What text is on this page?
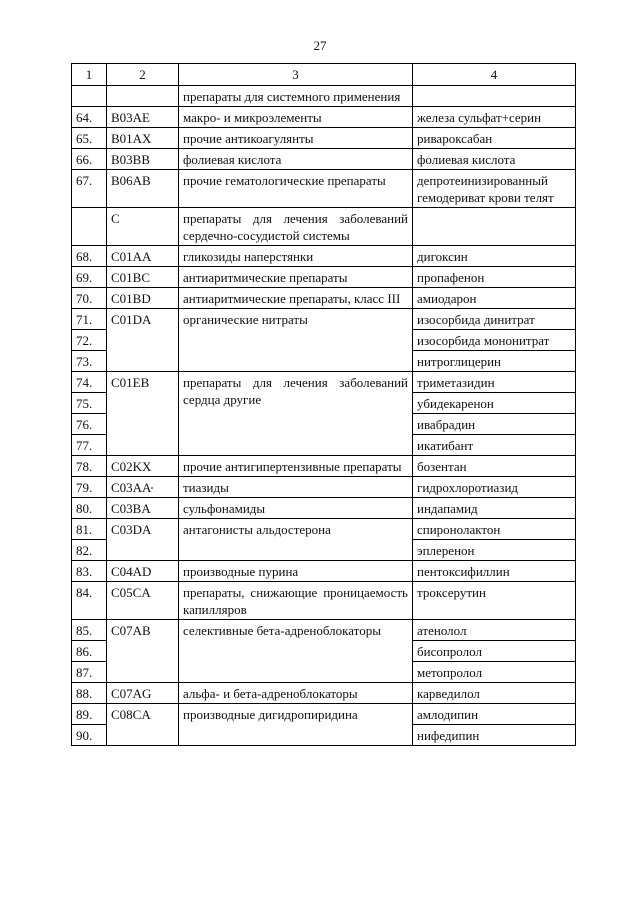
27
1	2	3	4
		препараты для системного применения	
64.	B03AE	макро- и микроэлементы	железа сульфат+серин
65.	B01AX	прочие антикоагулянты	ривароксабан
66.	B03BB	фолиевая кислота	фолиевая кислота
67.	B06AB	прочие гематологические препараты	депротеинизированный гемодериват крови телят
	C	препараты для лечения заболеваний сердечно-сосудистой системы	
68.	C01AA	гликозиды наперстянки	дигоксин
69.	C01BC	антиаритмические препараты	пропафенон
70.	C01BD	антиаритмические препараты, класс III	амиодарон
71.	C01DA	органические нитраты	изосорбида динитрат
72.			изосорбида мононитрат
73.			нитроглицерин
74.	C01EB	препараты для лечения заболеваний сердца другие	триметазидин
75.			убидекаренон
76.			ивабрадин
77.			икатибант
78.	C02KX	прочие антигипертензивные препараты	бозентан
79.	C03AA	тиазиды	гидрохлоротиазид
80.	C03BA	сульфонамиды	индапамид
81.	C03DA	антагонисты альдостерона	спиронолактон
82.			эплеренон
83.	C04AD	производные пурина	пентоксифиллин
84.	C05CA	препараты, снижающие проницаемость капилляров	троксерутин
85.	C07AB	селективные бета-адреноблокаторы	атенолол
86.			бисопролол
87.			метопролол
88.	C07AG	альфа- и бета-адреноблокаторы	карведилол
89.	C08CA	производные дигидропиридина	амлодипин
90.			нифедипин
